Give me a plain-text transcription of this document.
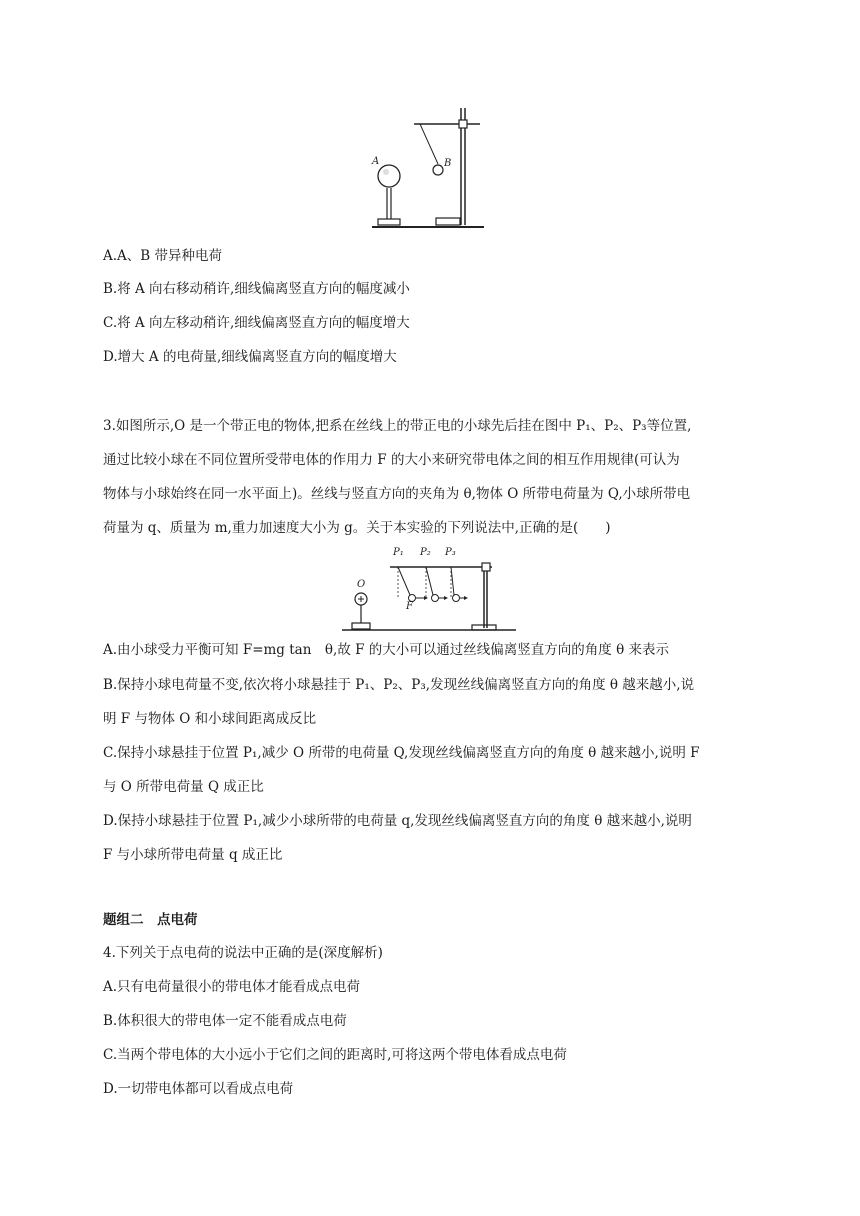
A	B
A.A、B 带异种电荷
B.将 A 向右移动稍许,细线偏离竖直方向的幅度减小
C.将 A 向左移动稍许,细线偏离竖直方向的幅度增大
D.增大 A 的电荷量,细线偏离竖直方向的幅度增大
3.如图所示,O 是一个带正电的物体,把系在丝线上的带正电的小球先后挂在图中 P₁、P₂、P₃等位置,
通过比较小球在不同位置所受带电体的作用力 F 的大小来研究带电体之间的相互作用规律(可认为
物体与小球始终在同一水平面上)。丝线与竖直方向的夹角为 θ,物体 O 所带电荷量为 Q,小球所带电
荷量为 q、质量为 m,重力加速度大小为 g。关于本实验的下列说法中,正确的是(　　)
O
P₁
F
P₂ P₃
A.由小球受力平衡可知 F=mg tan　θ,故 F 的大小可以通过丝线偏离竖直方向的角度 θ 来表示
B.保持小球电荷量不变,依次将小球悬挂于 P₁、P₂、P₃,发现丝线偏离竖直方向的角度 θ 越来越小,说
明 F 与物体 O 和小球间距离成反比
C.保持小球悬挂于位置 P₁,减少 O 所带的电荷量 Q,发现丝线偏离竖直方向的角度 θ 越来越小,说明 F
与 O 所带电荷量 Q 成正比
D.保持小球悬挂于位置 P₁,减少小球所带的电荷量 q,发现丝线偏离竖直方向的角度 θ 越来越小,说明
F 与小球所带电荷量 q 成正比
题组二　点电荷
4.下列关于点电荷的说法中正确的是(深度解析)
A.只有电荷量很小的带电体才能看成点电荷
B.体积很大的带电体一定不能看成点电荷
C.当两个带电体的大小远小于它们之间的距离时,可将这两个带电体看成点电荷
D.一切带电体都可以看成点电荷
